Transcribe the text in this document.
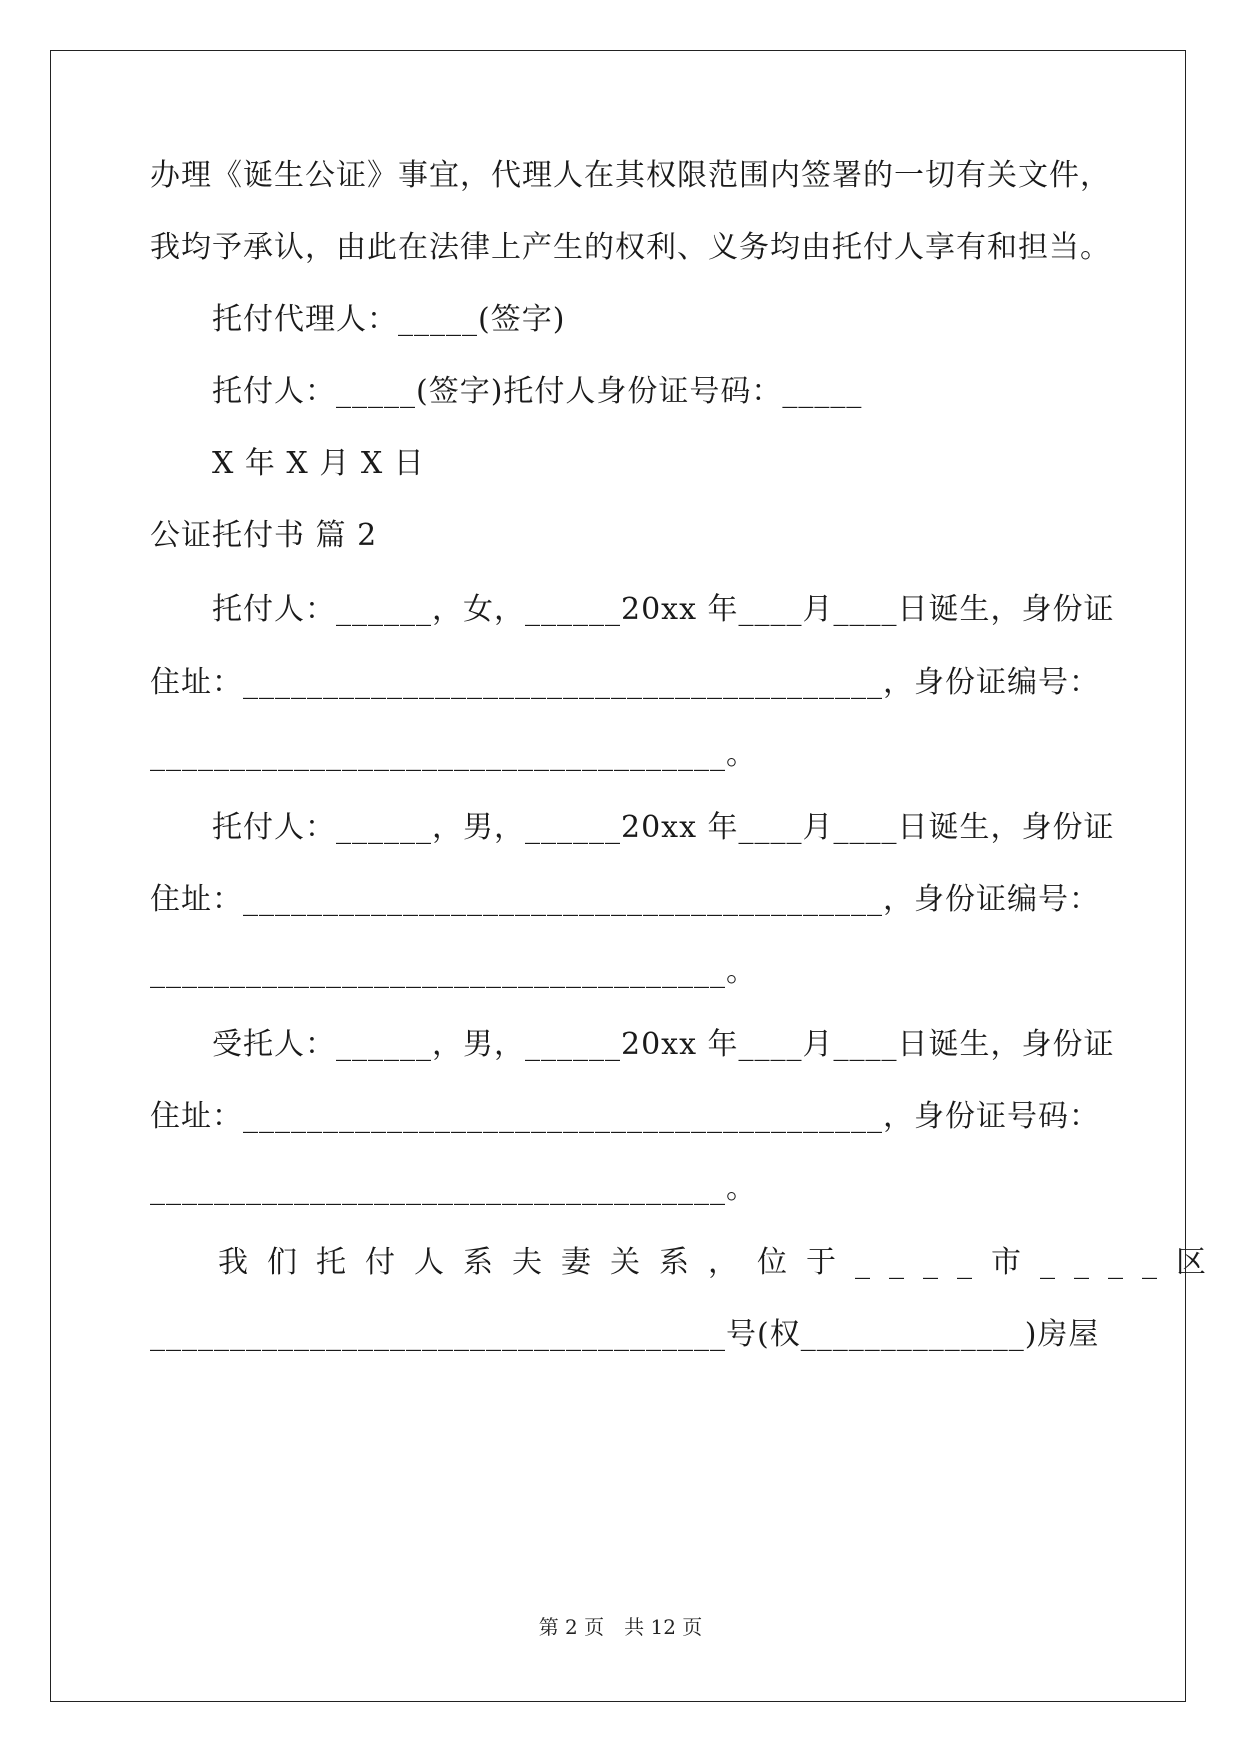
办理《诞生公证》事宜，代理人在其权限范围内签署的一切有关文件，
我均予承认，由此在法律上产生的权利、义务均由托付人享有和担当。
托付代理人：_____(签字)
托付人：_____(签字)托付人身份证号码：_____
X 年 X 月 X 日
公证托付书 篇 2
托付人：______，女，______20xx 年____月____日诞生，身份证
住址：________________________________________，身份证编号：
____________________________________。
托付人：______，男，______20xx 年____月____日诞生，身份证
住址：________________________________________，身份证编号：
____________________________________。
受托人：______，男，______20xx 年____月____日诞生，身份证
住址：________________________________________，身份证号码：
____________________________________。
我们托付人系夫妻关系，位于____市____区
____________________________________号(权______________)房屋
第 2 页　共 12 页
